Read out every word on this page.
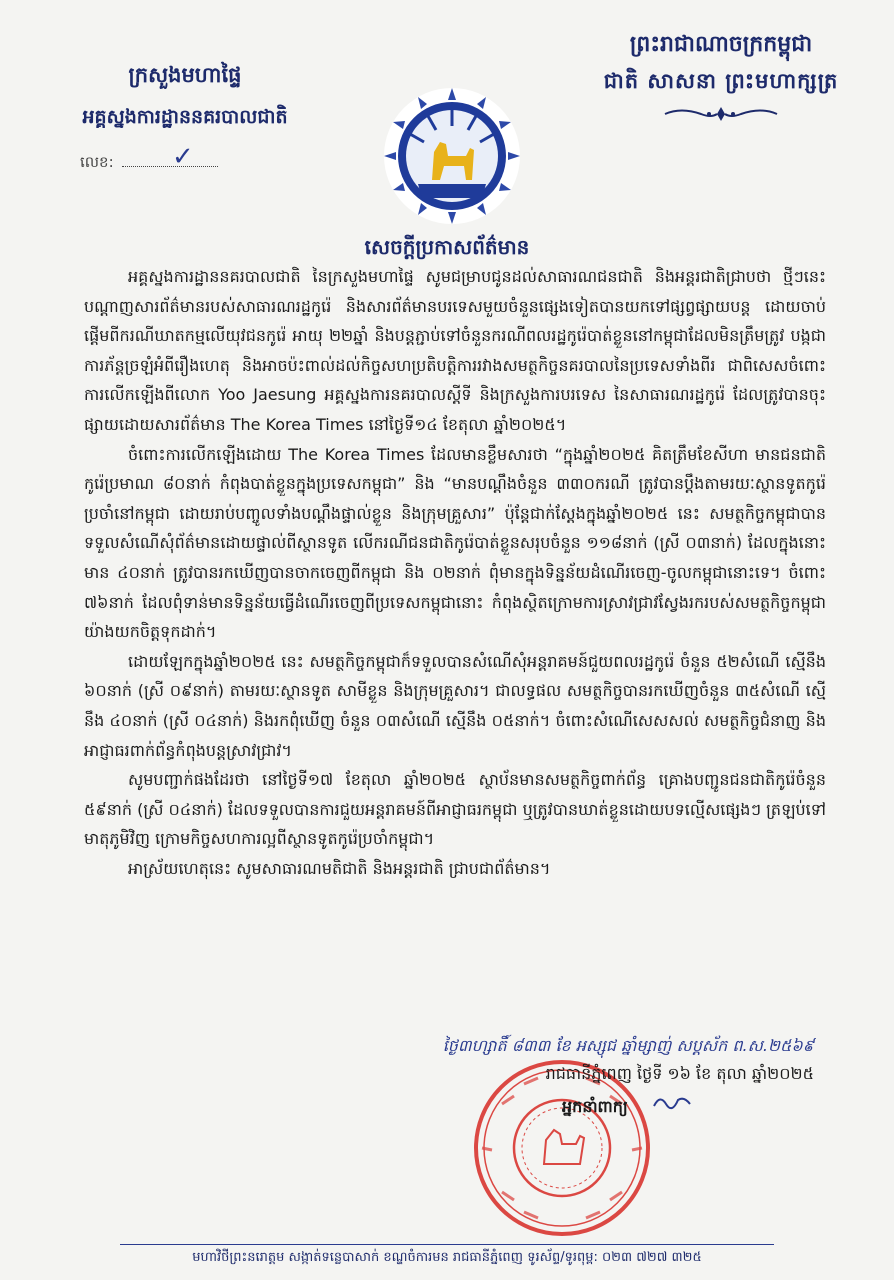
ក្រសួងមហាផ្ទៃ
អគ្គស្នងការដ្ឋាននគរបាលជាតិ
លេខ: ✓
ព្រះរាជាណាចក្រកម្ពុជា
ជាតិ សាសនា ព្រះមហាក្សត្រ
សេចក្តីប្រកាសព័ត៌មាន

អគ្គស្នងការដ្ឋាននគរបាលជាតិ នៃក្រសួងមហាផ្ទៃ សូមជម្រាបជូនដល់សាធារណជនជាតិ និងអន្តរជាតិជ្រាបថា ថ្មីៗនេះបណ្តាញសារព័ត៌មានរបស់សាធារណរដ្ឋកូរ៉េ និងសារព័ត៌មានបរទេសមួយចំនួនផ្សេងទៀតបានយកទៅផ្សព្វផ្សាយបន្ត ដោយចាប់ផ្តើមពីករណីឃាតកម្មលើយុវជនកូរ៉េ អាយុ ២២ឆ្នាំ និងបន្តភ្ជាប់ទៅចំនួនករណីពលរដ្ឋកូរ៉េបាត់ខ្លួននៅកម្ពុជាដែលមិនត្រឹមត្រូវ បង្កជាការភ័ន្តច្រឡំអំពីរឿងហេតុ និងអាចប៉ះពាល់ដល់កិច្ចសហប្រតិបត្តិការរវាងសមត្ថកិច្ចនគរបាលនៃប្រទេសទាំងពីរ ជាពិសេសចំពោះការលើកឡើងពីលោក Yoo Jaesung អគ្គស្នងការនគរបាលស្តីទី និងក្រសួងការបរទេស នៃសាធារណរដ្ឋកូរ៉េ ដែលត្រូវបានចុះផ្សាយដោយសារព័ត៌មាន The Korea Times នៅថ្ងៃទី១៤ ខែតុលា ឆ្នាំ២០២៥។

ចំពោះការលើកឡើងដោយ The Korea Times ដែលមានខ្លឹមសារថា “ក្នុងឆ្នាំ២០២៥ គិតត្រឹមខែសីហា មានជនជាតិកូរ៉េប្រមាណ ៨០នាក់ កំពុងបាត់ខ្លួនក្នុងប្រទេសកម្ពុជា” និង “មានបណ្តឹងចំនួន ៣៣០ករណី ត្រូវបានប្តឹងតាមរយៈស្ថានទូតកូរ៉េប្រចាំនៅកម្ពុជា ដោយរាប់បញ្ចូលទាំងបណ្តឹងផ្ទាល់ខ្លួន និងក្រុមគ្រួសារ” ប៉ុន្តែជាក់ស្តែងក្នុងឆ្នាំ២០២៥ នេះ សមត្ថកិច្ចកម្ពុជាបានទទួលសំណើសុំព័ត៌មានដោយផ្ទាល់ពីស្ថានទូត លើករណីជនជាតិកូរ៉េបាត់ខ្លួនសរុបចំនួន ១១៨នាក់ (ស្រី ០៣នាក់) ដែលក្នុងនោះមាន ៤០នាក់ ត្រូវបានរកឃើញបានចាកចេញពីកម្ពុជា និង ០២នាក់ ពុំមានក្នុងទិន្នន័យដំណើរចេញ-ចូលកម្ពុជានោះទេ។ ចំពោះ ៧៦នាក់ ដែលពុំទាន់មានទិន្នន័យធ្វើដំណើរចេញពីប្រទេសកម្ពុជានោះ កំពុងស្ថិតក្រោមការស្រាវជ្រាវស្វែងរករបស់សមត្ថកិច្ចកម្ពុជាយ៉ាងយកចិត្តទុកដាក់។

ដោយឡែកក្នុងឆ្នាំ២០២៥ នេះ សមត្ថកិច្ចកម្ពុជាក៏ទទួលបានសំណើសុំអន្តរាគមន៍ជួយពលរដ្ឋកូរ៉េ ចំនួន ៥២សំណើ ស្មើនឹង ៦០នាក់ (ស្រី ០៩នាក់) តាមរយៈស្ថានទូត សាមីខ្លួន និងក្រុមគ្រួសារ។ ជាលទ្ធផល សមត្ថកិច្ចបានរកឃើញចំនួន ៣៥សំណើ ស្មើនឹង ៤០នាក់ (ស្រី ០៤នាក់) និងរកពុំឃើញ ចំនួន ០៣សំណើ ស្មើនឹង ០៥នាក់។ ចំពោះសំណើសេសសល់ សមត្ថកិច្ចជំនាញ និងអាជ្ញាធរពាក់ព័ន្ធកំពុងបន្តស្រាវជ្រាវ។

សូមបញ្ជាក់ផងដែរថា នៅថ្ងៃទី១៧ ខែតុលា ឆ្នាំ២០២៥ ស្ថាប័នមានសមត្ថកិច្ចពាក់ព័ន្ធ គ្រោងបញ្ជូនជនជាតិកូរ៉េចំនួន ៥៩នាក់ (ស្រី ០៤នាក់) ដែលទទួលបានការជួយអន្តរាគមន៍ពីអាជ្ញាធរកម្ពុជា ឬត្រូវបានឃាត់ខ្លួនដោយបទល្មើសផ្សេងៗ ត្រឡប់ទៅមាតុភូមិវិញ ក្រោមកិច្ចសហការល្អពីស្ថានទូតកូរ៉េប្រចាំកម្ពុជា។

អាស្រ័យហេតុនេះ សូមសាធារណមតិជាតិ និងអន្តរជាតិ ជ្រាបជាព័ត៌មាន។

ថ្ងៃ៣ហ្សាតិ៍ ៨៣៣ ខែ អស្សុជ ឆ្នាំម្សាញ់ សប្តស័ក ព.ស.២៥៦៩
រាជធានីភ្នំពេញ ថ្ងៃទី ១៦ ខែ តុលា ឆ្នាំ២០២៥
អ្នកនាំពាក្យ
មហាវិថីព្រះនរោត្តម សង្កាត់ទន្លេបាសាក់ ខណ្ឌចំការមន រាជធានីភ្នំពេញ ទូរស័ព្ទ/ទូរពុម្ព: ០២៣ ៧២៧ ៣២៥
